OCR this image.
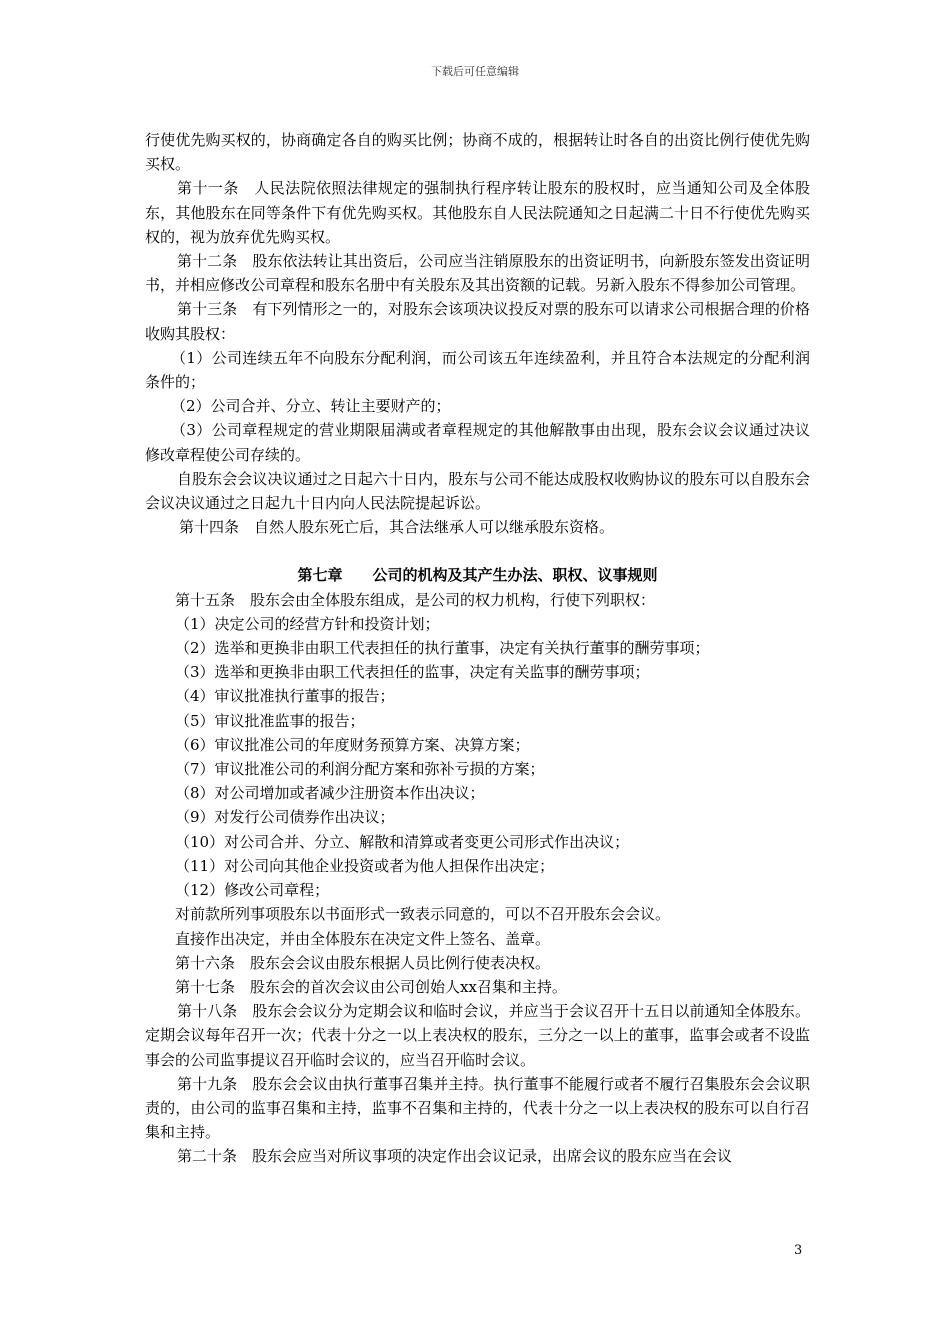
下载后可任意编辑

行使优先购买权的，协商确定各自的购买比例；协商不成的，根据转让时各自的出资比例行使优先购买权。

第十一条　人民法院依照法律规定的强制执行程序转让股东的股权时，应当通知公司及全体股东，其他股东在同等条件下有优先购买权。其他股东自人民法院通知之日起满二十日不行使优先购买权的，视为放弃优先购买权。

第十二条　股东依法转让其出资后，公司应当注销原股东的出资证明书，向新股东签发出资证明书，并相应修改公司章程和股东名册中有关股东及其出资额的记载。另新入股东不得参加公司管理。

第十三条　有下列情形之一的，对股东会该项决议投反对票的股东可以请求公司根据合理的价格收购其股权：

（1）公司连续五年不向股东分配利润，而公司该五年连续盈利，并且符合本法规定的分配利润条件的；

（2）公司合并、分立、转让主要财产的；

（3）公司章程规定的营业期限届满或者章程规定的其他解散事由出现，股东会议会议通过决议修改章程使公司存续的。

自股东会会议决议通过之日起六十日内，股东与公司不能达成股权收购协议的股东可以自股东会会议决议通过之日起九十日内向人民法院提起诉讼。

第十四条　自然人股东死亡后，其合法继承人可以继承股东资格。

第七章　　公司的机构及其产生办法、职权、议事规则

第十五条　股东会由全体股东组成，是公司的权力机构，行使下列职权：

（1）决定公司的经营方针和投资计划；

（2）选举和更换非由职工代表担任的执行董事，决定有关执行董事的酬劳事项；

（3）选举和更换非由职工代表担任的监事，决定有关监事的酬劳事项；

（4）审议批准执行董事的报告；

（5）审议批准监事的报告；

（6）审议批准公司的年度财务预算方案、决算方案；

（7）审议批准公司的利润分配方案和弥补亏损的方案；

（8）对公司增加或者减少注册资本作出决议；

（9）对发行公司债券作出决议；

（10）对公司合并、分立、解散和清算或者变更公司形式作出决议；

（11）对公司向其他企业投资或者为他人担保作出决定；

（12）修改公司章程；

对前款所列事项股东以书面形式一致表示同意的，可以不召开股东会会议。

直接作出决定，并由全体股东在决定文件上签名、盖章。

第十六条　股东会会议由股东根据人员比例行使表决权。

第十七条　股东会的首次会议由公司创始人xx召集和主持。

第十八条　股东会会议分为定期会议和临时会议，并应当于会议召开十五日以前通知全体股东。定期会议每年召开一次；代表十分之一以上表决权的股东，三分之一以上的董事，监事会或者不设监事会的公司监事提议召开临时会议的，应当召开临时会议。

第十九条　股东会会议由执行董事召集并主持。执行董事不能履行或者不履行召集股东会会议职责的，由公司的监事召集和主持，监事不召集和主持的，代表十分之一以上表决权的股东可以自行召集和主持。

第二十条　股东会应当对所议事项的决定作出会议记录，出席会议的股东应当在会议

3
